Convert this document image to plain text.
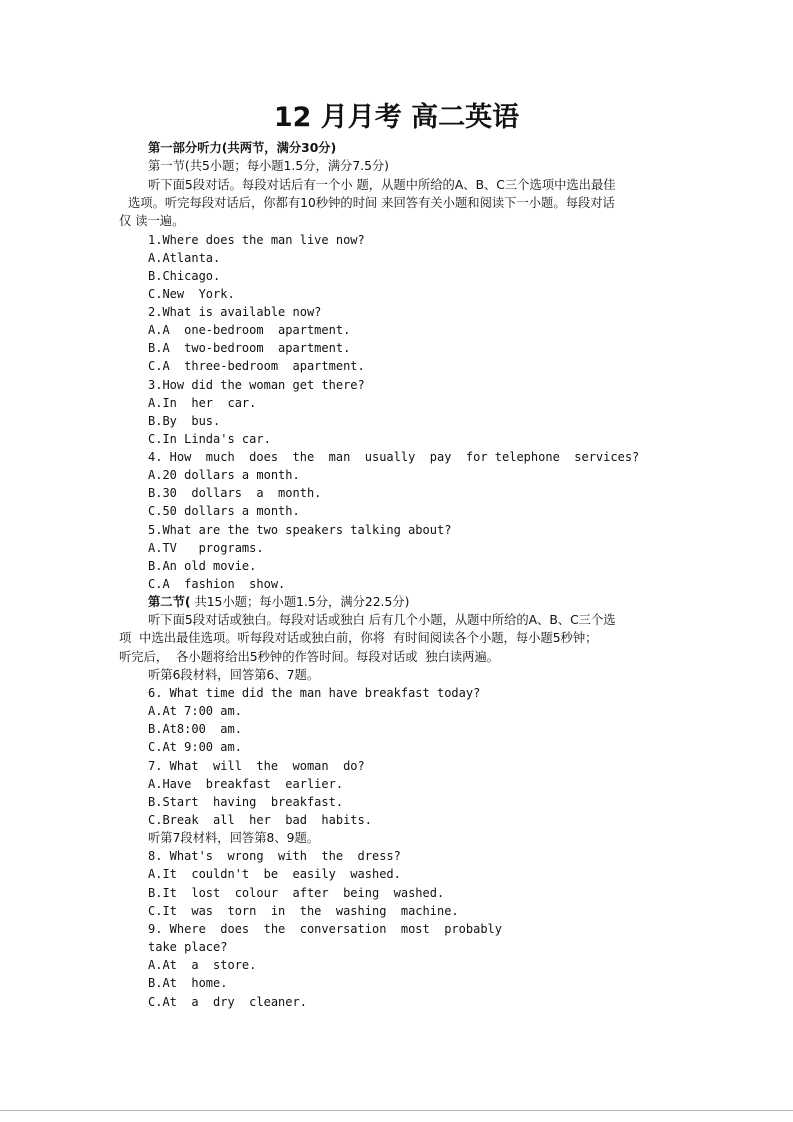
12 月月考 高二英语
第一部分听力(共两节，满分30分)
第一节(共5小题；每小题1.5分，满分7.5分)
听下面5段对话。每段对话后有一个小 题，从题中所给的A、B、C三个选项中选出最佳
选项。听完每段对话后，你都有10秒钟的时间 来回答有关小题和阅读下一小题。每段对话
仅 读一遍。
1.Where does the man live now?
A.Atlanta.
B.Chicago.
C.New  York.
2.What is available now?
A.A  one-bedroom  apartment.
B.A  two-bedroom  apartment.
C.A  three-bedroom  apartment.
3.How did the woman get there?
A.In  her  car.
B.By  bus.
C.In Linda's car.
4. How  much  does  the  man  usually  pay  for telephone  services?
A.20 dollars a month.
B.30  dollars  a  month.
C.50 dollars a month.
5.What are the two speakers talking about?
A.TV   programs.
B.An old movie.
C.A  fashion  show.
第二节( 共15小题；每小题1.5分，满分22.5分)
听下面5段对话或独白。每段对话或独白 后有几个小题，从题中所给的A、B、C三个选
项  中选出最佳选项。听每段对话或独白前，你将  有时间阅读各个小题，每小题5秒钟；
听完后，  各小题将给出5秒钟的作答时间。每段对话或  独白读两遍。
听第6段材料，回答第6、7题。
6. What time did the man have breakfast today?
A.At 7:00 am.
B.At8:00  am.
C.At 9:00 am.
7. What  will  the  woman  do?
A.Have  breakfast  earlier.
B.Start  having  breakfast.
C.Break  all  her  bad  habits.
听第7段材料，回答第8、9题。
8. What's  wrong  with  the  dress?
A.It  couldn't  be  easily  washed.
B.It  lost  colour  after  being  washed.
C.It  was  torn  in  the  washing  machine.
9. Where  does  the  conversation  most  probably
take place?
A.At  a  store.
B.At  home.
C.At  a  dry  cleaner.
